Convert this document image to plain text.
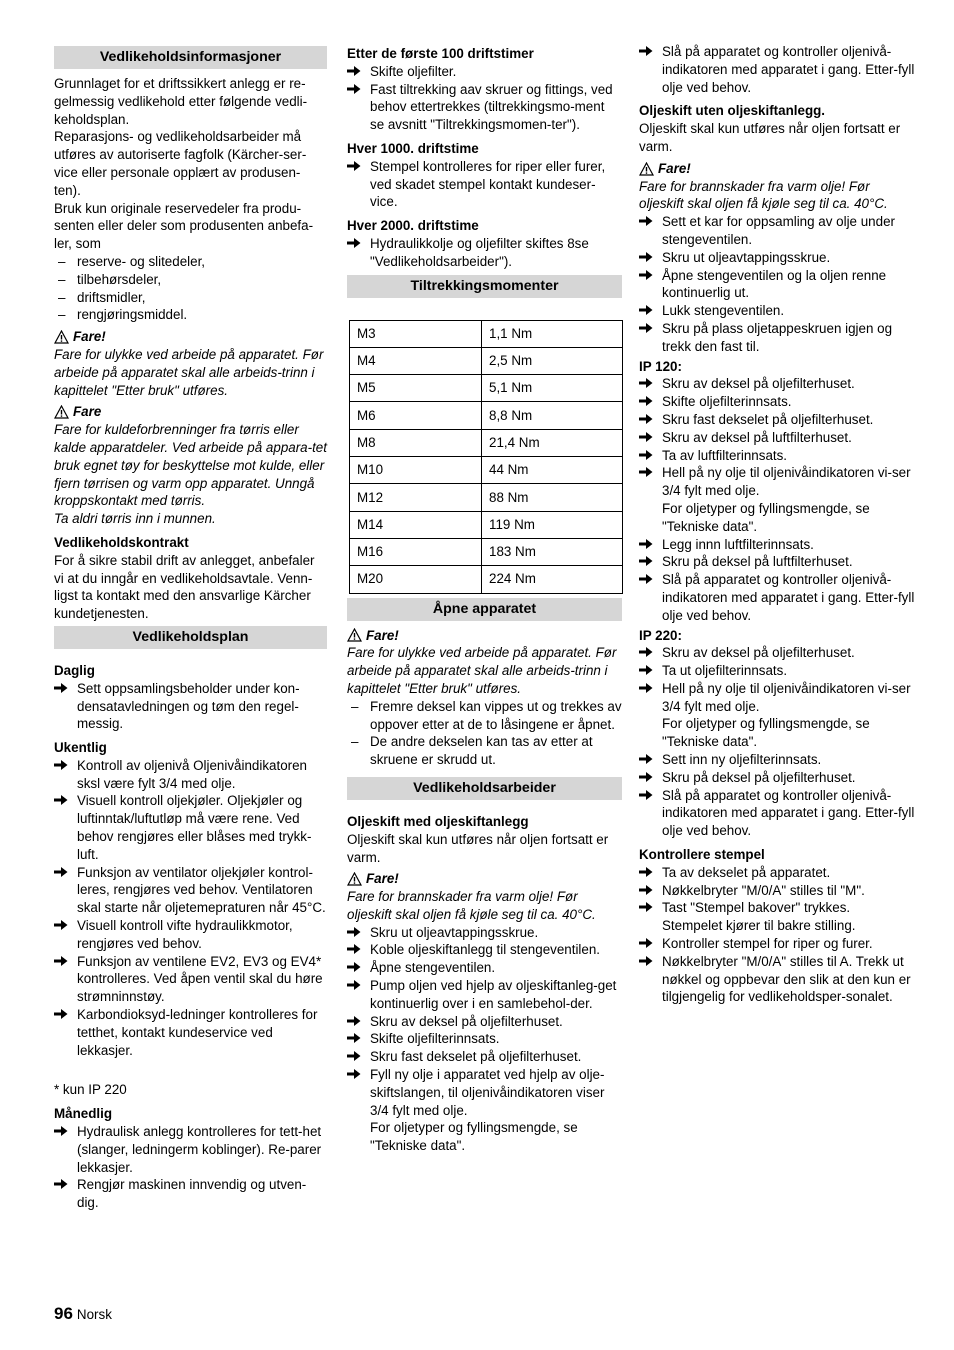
Vedlikeholdsinformasjoner

Grunnlaget for et driftssikkert anlegg er re-gelmessig vedlikehold etter følgende vedli-keholdsplan.

Reparasjons- og vedlikeholdsarbeider må utføres av autoriserte fagfolk (Kärcher-ser-vice eller personale opplært av produsen-ten).

Bruk kun originale reservedeler fra produ-senten eller deler som produsenten anbefa-ler, som

– reserve- og slitedeler,
– tilbehørsdeler,
– driftsmidler,
– rengjøringsmiddel.
Fare!

Fare for ulykke ved arbeide på apparatet. Før arbeide på apparatet skal alle arbeids-trinn i kapittelet "Etter bruk" utføres.

Fare

Fare for kuldeforbrenninger fra tørris eller kalde apparatdeler. Ved arbeide på appara-tet bruk egnet tøy for beskyttelse mot kulde, eller fjern tørrisen og varm opp apparatet. Unngå kroppskontakt med tørris.

Ta aldri tørris inn i munnen.

Vedlikeholdskontrakt

For å sikre stabil drift av anlegget, anbefaler vi at du inngår en vedlikeholdsavtale. Venn-ligst ta kontakt med den ansvarlige Kärcher kundetjenesten.

Vedlikeholdsplan
Daglig
Sett oppsamlingsbeholder under kon-densatavledningen og tøm den regel-messig.
Ukentlig
Kontroll av oljenivå Oljenivåindikatoren sksl være fylt 3/4 med olje.
Visuell kontroll oljekjøler. Oljekjøler og luftinntak/luftutløp må være rene. Ved behov rengjøres eller blåses med trykk-luft.
Funksjon av ventilator oljekjøler kontrol-leres, rengjøres ved behov. Ventilatoren skal starte når oljetemepraturen når 45°C.
Visuell kontroll vifte hydraulikkmotor, rengjøres ved behov.
Funksjon av ventilene EV2, EV3 og EV4* kontrolleres. Ved åpen ventil skal du høre strømninnstøy.
Karbondioksyd-ledninger kontrolleres for tetthet, kontakt kundeservice ved lekkasjer.

* kun IP 220

Månedlig
Hydraulisk anlegg kontrolleres for tett-het (slanger, ledningerm koblinger). Re-parer lekkasjer.
Rengjør maskinen innvendig og utven-dig.
Etter de første 100 driftstimer
Skifte oljefilter.
Fast tiltrekking aav skruer og fittings, ved behov ettertrekkes (tiltrekkingsmo-ment se avsnitt "Tiltrekkingsmomen-ter").
Hver 1000. driftstime
Stempel kontrolleres for riper eller furer, ved skadet stempel kontakt kundeser-vice.
Hver 2000. driftstime
Hydraulikkolje og oljefilter skiftes 8se "Vedlikeholdsarbeider").
Tiltrekkingsmomenter
M3	1,1 Nm
M4	2,5 Nm
M5	5,1 Nm
M6	8,8 Nm
M8	21,4 Nm
M10	44 Nm
M12	88 Nm
M14	119 Nm
M16	183 Nm
M20	224 Nm
Åpne apparatet
Fare!

Fare for ulykke ved arbeide på apparatet. Før arbeide på apparatet skal alle arbeids-trinn i kapittelet "Etter bruk" utføres.

– Fremre deksel kan vippes ut og trekkes av oppover etter at de to låsingene er åpnet.
– De andre dekselen kan tas av etter at skruene er skrudd ut.
Vedlikeholdsarbeider
Oljeskift med oljeskiftanlegg

Oljeskift skal kun utføres når oljen fortsatt er varm.

Fare!

Fare for brannskader fra varm olje! Før oljeskift skal oljen få kjøle seg til ca. 40°C.

Skru ut oljeavtappingsskrue.
Koble oljeskiftanlegg til stengeventilen.
Åpne stengeventilen.
Pump oljen ved hjelp av oljeskiftanleg-get kontinuerlig over i en samlebehol-der.
Skru av deksel på oljefilterhuset.
Skifte oljefilterinnsats.
Skru fast dekselet på oljefilterhuset.
Fyll ny olje i apparatet ved hjelp av olje-skiftslangen, til oljenivåindikatoren viser 3/4 fylt med olje.

For oljetyper og fyllingsmengde, se "Tekniske data".

Slå på apparatet og kontroller oljenivå-indikatoren med apparatet i gang. Etter-fyll olje ved behov.
Oljeskift uten oljeskiftanlegg.

Oljeskift skal kun utføres når oljen fortsatt er varm.

Fare!

Fare for brannskader fra varm olje! Før oljeskift skal oljen få kjøle seg til ca. 40°C.

Sett et kar for oppsamling av olje under stengeventilen.
Skru ut oljeavtappingsskrue.
Åpne stengeventilen og la oljen renne kontinuerlig ut.
Lukk stengeventilen.
Skru på plass oljetappeskruen igjen og trekk den fast til.
IP 120:
Skru av deksel på oljefilterhuset.
Skifte oljefilterinnsats.
Skru fast dekselet på oljefilterhuset.
Skru av deksel på luftfilterhuset.
Ta av luftfilterinnsats.
Hell på ny olje til oljenivåindikatoren vi-ser 3/4 fylt med olje.

For oljetyper og fyllingsmengde, se "Tekniske data".

Legg innn luftfilterinnsats.
Skru på deksel på luftfilterhuset.
Slå på apparatet og kontroller oljenivå-indikatoren med apparatet i gang. Etter-fyll olje ved behov.
IP 220:
Skru av deksel på oljefilterhuset.
Ta ut oljefilterinnsats.
Hell på ny olje til oljenivåindikatoren vi-ser 3/4 fylt med olje.

For oljetyper og fyllingsmengde, se "Tekniske data".

Sett inn ny oljefilterinnsats.
Skru på deksel på oljefilterhuset.
Slå på apparatet og kontroller oljenivå-indikatoren med apparatet i gang. Etter-fyll olje ved behov.
Kontrollere stempel
Ta av dekselet på apparatet.
Nøkkelbryter "M/0/A" stilles til "M".
Tast "Stempel bakover" trykkes.

Stempelet kjører til bakre stilling.

Kontroller stempel for riper og furer.
Nøkkelbryter "M/0/A" stilles til A. Trekk ut nøkkel og oppbevar den slik at den kun er tilgjengelig for vedlikeholdsper-sonalet.
96 Norsk
